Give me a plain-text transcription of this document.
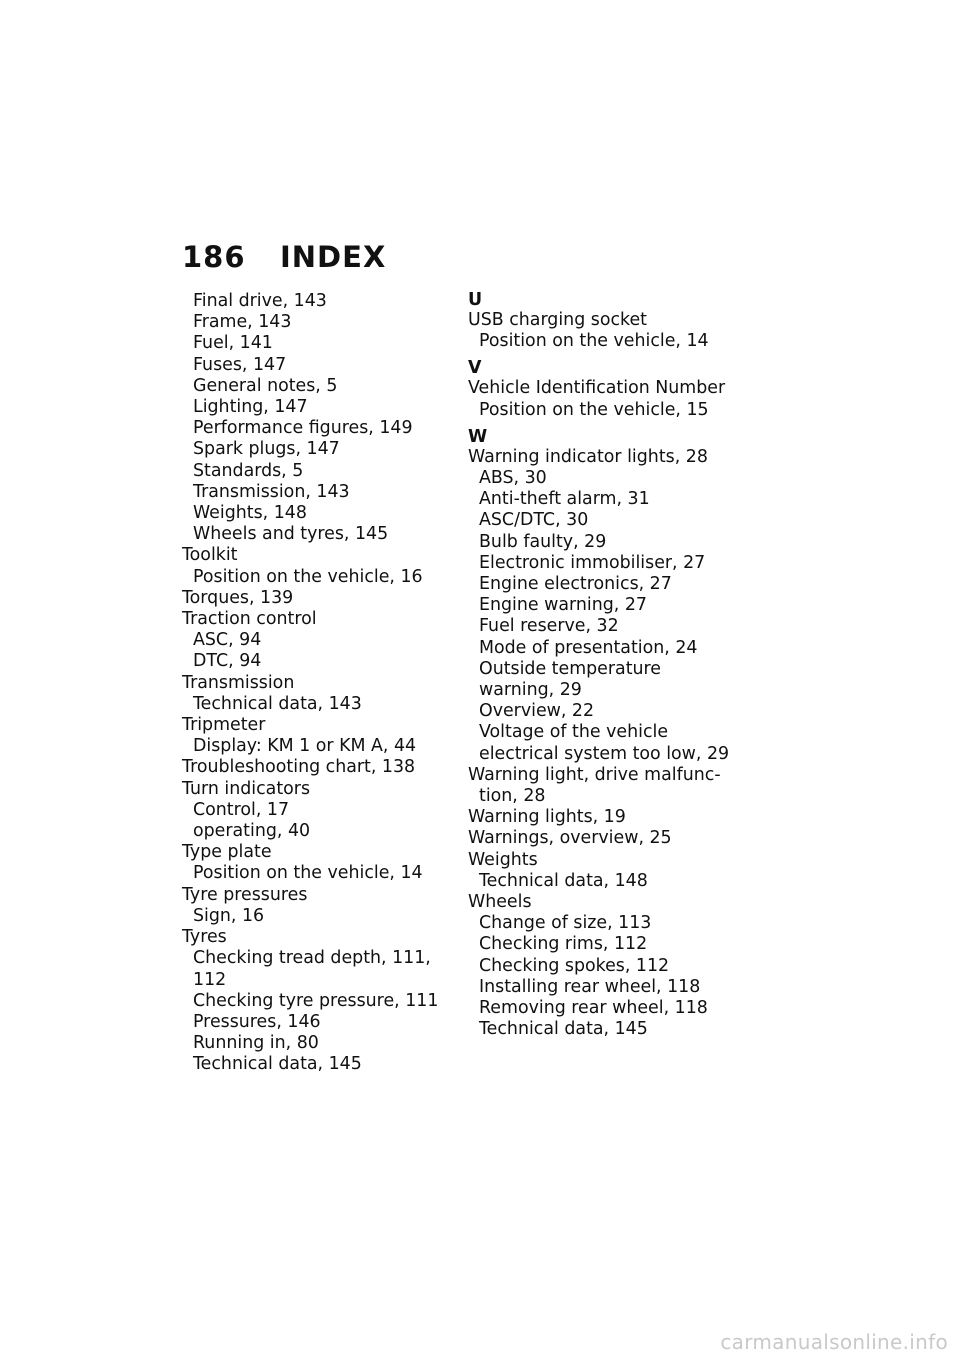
186 INDEX
Final drive, 143
Frame, 143
Fuel, 141
Fuses, 147
General notes, 5
Lighting, 147
Performance figures, 149
Spark plugs, 147
Standards, 5
Transmission, 143
Weights, 148
Wheels and tyres, 145
Toolkit
Position on the vehicle, 16
Torques, 139
Traction control
ASC, 94
DTC, 94
Transmission
Technical data, 143
Tripmeter
Display: KM 1 or KM A, 44
Troubleshooting chart, 138
Turn indicators
Control, 17
operating, 40
Type plate
Position on the vehicle, 14
Tyre pressures
Sign, 16
Tyres
Checking tread depth, 111,
112
Checking tyre pressure, 111
Pressures, 146
Running in, 80
Technical data, 145
U
USB charging socket
Position on the vehicle, 14
V
Vehicle Identification Number
Position on the vehicle, 15
W
Warning indicator lights, 28
ABS, 30
Anti-theft alarm, 31
ASC/DTC, 30
Bulb faulty, 29
Electronic immobiliser, 27
Engine electronics, 27
Engine warning, 27
Fuel reserve, 32
Mode of presentation, 24
Outside temperature
warning, 29
Overview, 22
Voltage of the vehicle
electrical system too low, 29
Warning light, drive malfunc-
tion, 28
Warning lights, 19
Warnings, overview, 25
Weights
Technical data, 148
Wheels
Change of size, 113
Checking rims, 112
Checking spokes, 112
Installing rear wheel, 118
Removing rear wheel, 118
Technical data, 145
carmanualsonline.info
